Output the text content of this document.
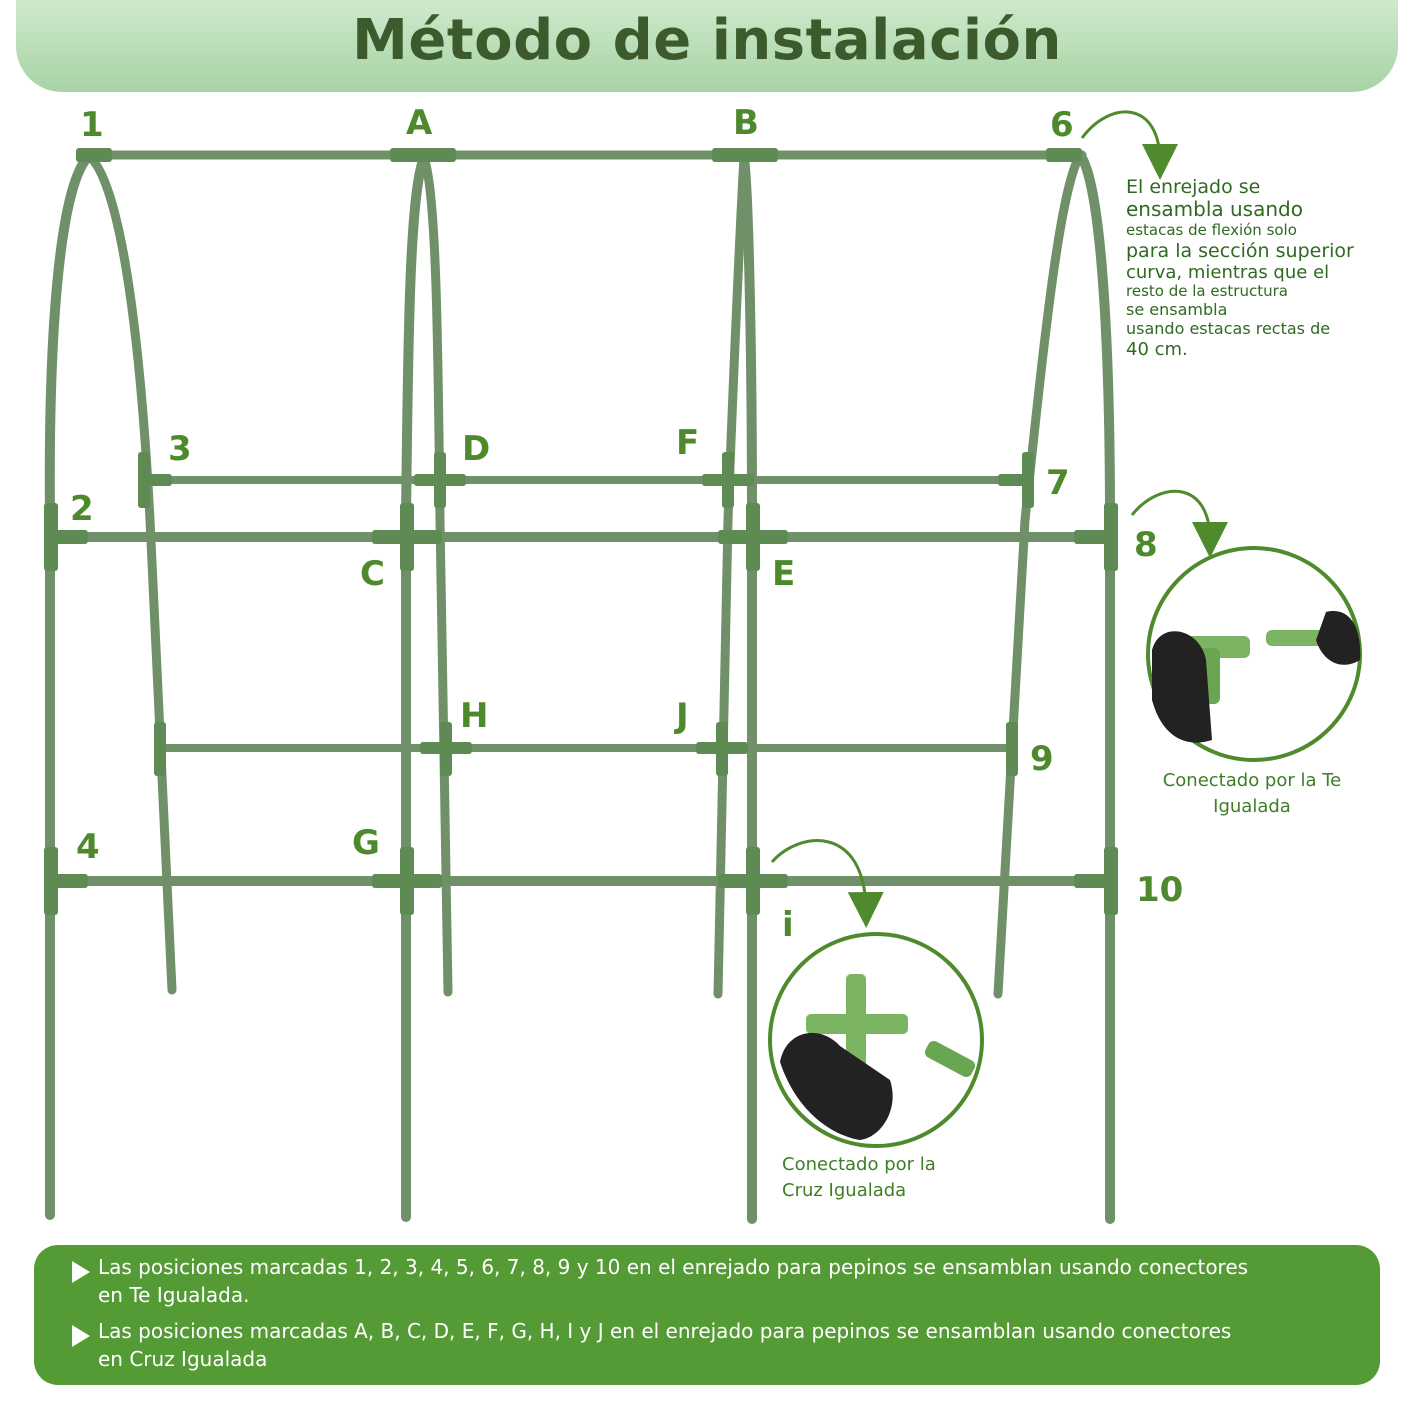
Método de instalación
1	A	B	6
3	D	F
7
2
8
C	E
H	J
9
4	G
10
i
El enrejado se
ensambla usando
estacas de flexión solo
para la sección superior
curva, mientras que el
resto de la estructura
se ensambla
usando estacas rectas de
40 cm.
Conectado por la Te
Igualada
Conectado por la
Cruz Igualada
Las posiciones marcadas 1, 2, 3, 4, 5, 6, 7, 8, 9 y 10 en el enrejado para pepinos se ensamblan usando conectores
en Te Igualada.
Las posiciones marcadas A, B, C, D, E, F, G, H, I y J en el enrejado para pepinos se ensamblan usando conectores
en Cruz Igualada
